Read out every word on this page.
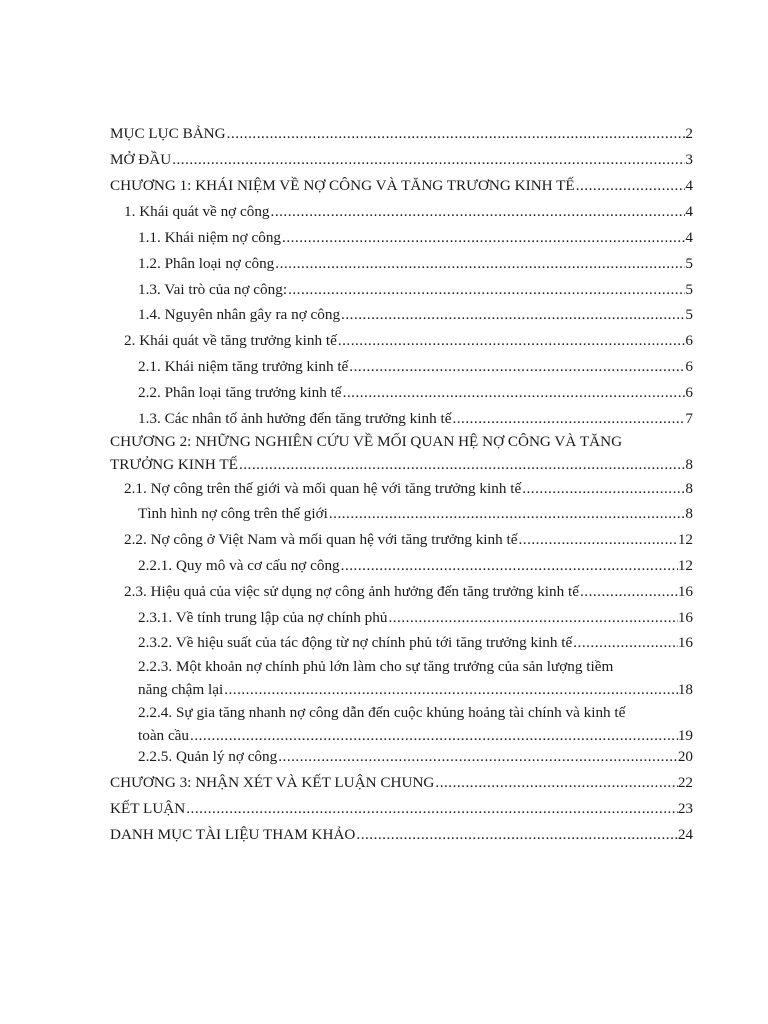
MỤC LỤC BẢNG .....	2
MỞ ĐẦU .....	3
CHƯƠNG 1: KHÁI NIỆM VỀ NỢ CÔNG VÀ TĂNG TRƯƠNG KINH TẾ .....	4
1. Khái quát về nợ công .....	4
1.1. Khái niệm nợ công .....	4
1.2. Phân loại nợ công .....	5
1.3. Vai trò của nợ công: .....	5
1.4. Nguyên nhân gây ra nợ công .....	5
2. Khái quát về tăng trưởng kinh tế .....	6
2.1. Khái niệm tăng trưởng kinh tế .....	6
2.2. Phân loại tăng trưởng kinh tế .....	6
1.3. Các nhân tố ảnh hưởng đến tăng trưởng kinh tế .....	7
CHƯƠNG 2: NHỮNG NGHIÊN CỨU VỀ MỐI QUAN HỆ NỢ CÔNG VÀ TĂNG
TRƯỞNG KINH TẾ .....	8
2.1. Nợ công trên thế giới và mối quan hệ với tăng trưởng kinh tế .....	8
Tình hình nợ công trên thế giới .....	8
2.2. Nợ công ở Việt Nam và mối quan hệ với tăng trưởng kinh tế .....	12
2.2.1. Quy mô và cơ cấu nợ công .....	12
2.3. Hiệu quả của việc sử dụng nợ công ảnh hưởng đến tăng trưởng kinh tế .....	16
2.3.1. Về tính trung lập của nợ chính phủ .....	16
2.3.2. Về hiệu suất của tác động từ nợ chính phủ tới tăng trưởng kinh tế .....	16
2.2.3. Một khoản nợ chính phủ lớn làm cho sự tăng trưởng của sản lượng tiềm
năng chậm lại .....	18
2.2.4. Sự gia tăng nhanh nợ công dẫn đến cuộc khủng hoảng tài chính và kinh tế
toàn cầu .....	19
2.2.5. Quản lý nợ công .....	20
CHƯƠNG 3: NHẬN XÉT VÀ KẾT LUẬN CHUNG .....	22
KẾT LUẬN .....	23
DANH MỤC TÀI LIỆU THAM KHẢO .....	24
